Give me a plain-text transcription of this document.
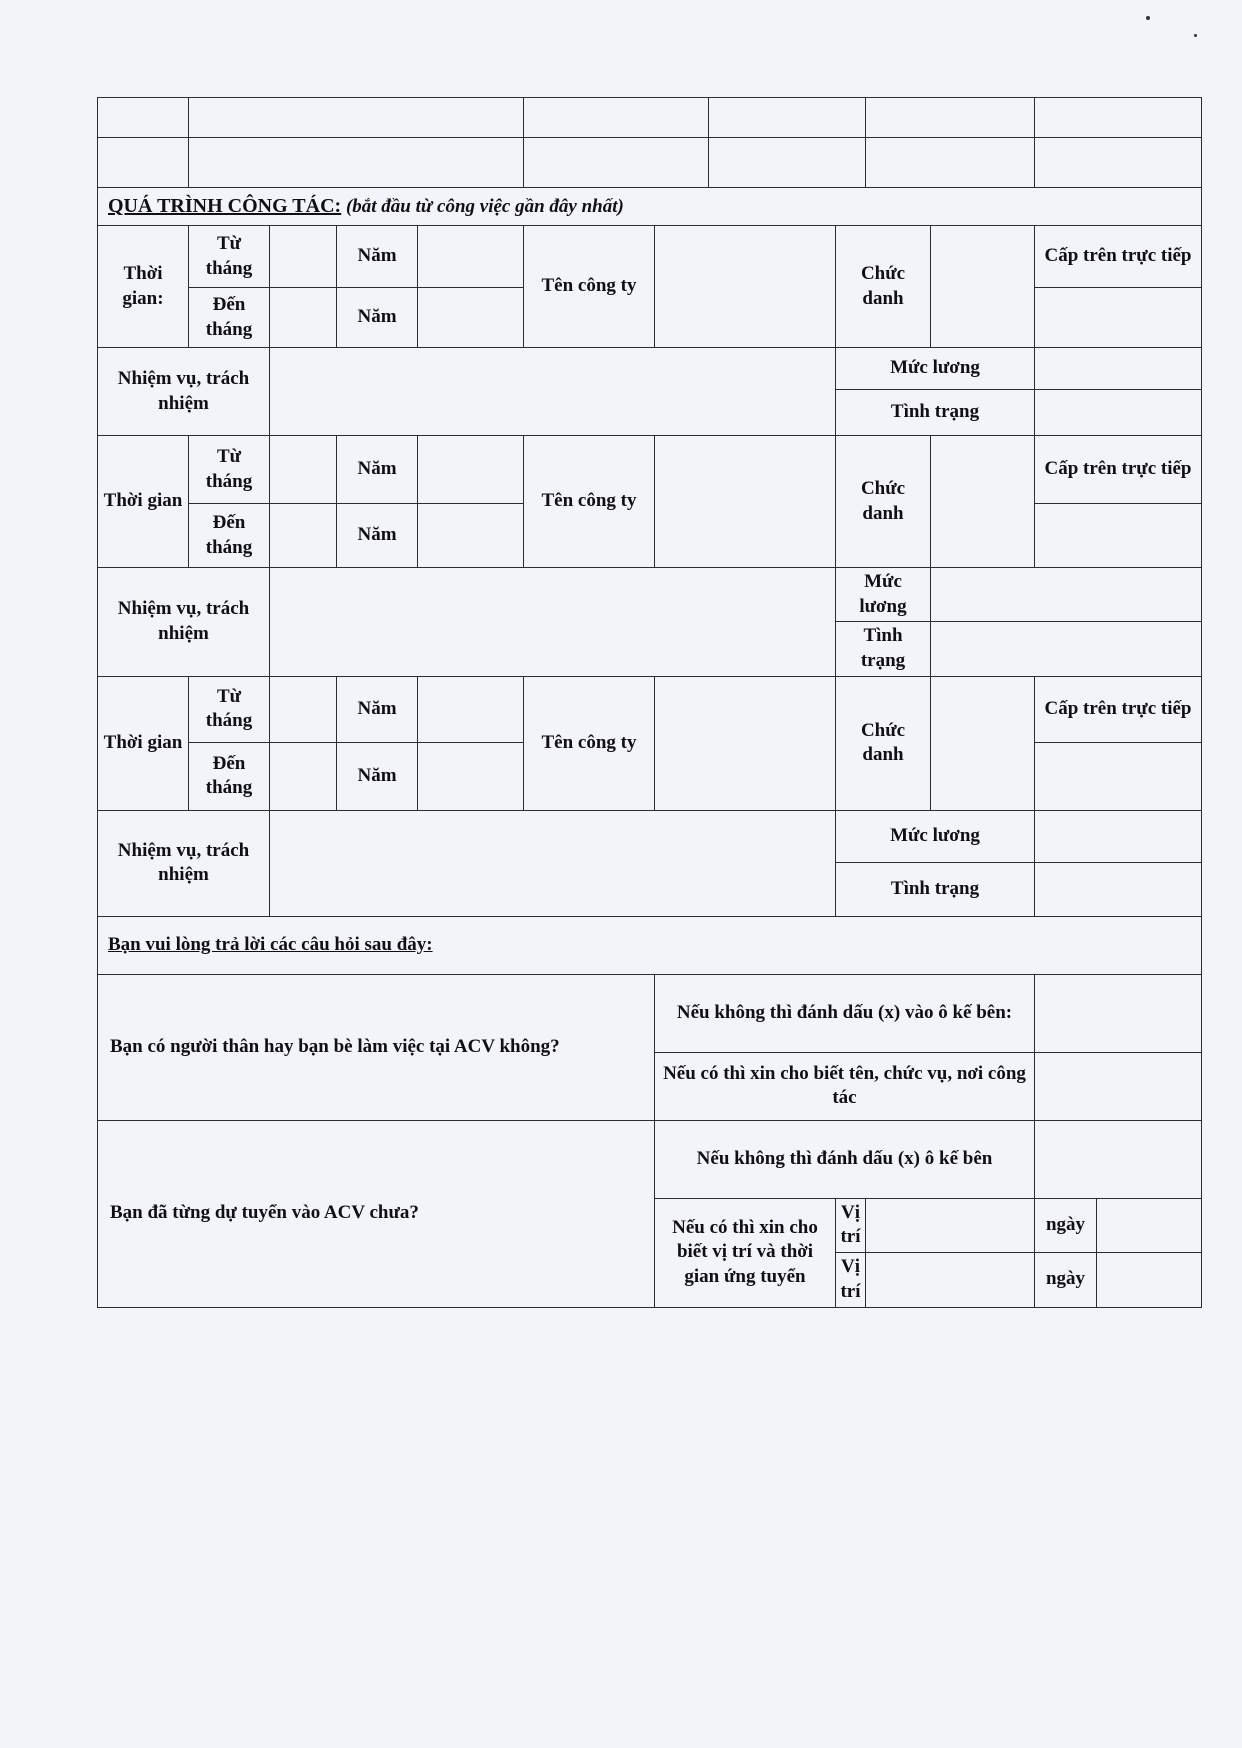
QUÁ TRÌNH CÔNG TÁC: (bắt đầu từ công việc gần đây nhất)												
Thời gian:	Từ tháng		Năm		Tên công ty			Chức danh			Cấp trên trực tiếp	
	Đến tháng		Năm									
Nhiệm vụ, trách nhiệm								Mức lương				
								Tình trạng				
Thời gian	Từ tháng		Năm		Tên công ty			Chức danh			Cấp trên trực tiếp	
	Đến tháng		Năm									
Nhiệm vụ, trách nhiệm								Mức lương				
								Tình trạng				
Thời gian	Từ tháng		Năm		Tên công ty			Chức danh			Cấp trên trực tiếp	
	Đến tháng		Năm									
Nhiệm vụ, trách nhiệm								Mức lương				
								Tình trạng				
Bạn vui lòng trả lời các câu hỏi sau đây:												
Bạn có người thân hay bạn bè làm việc tại ACV không?						Nếu không thì đánh dấu (x) vào ô kế bên:						
						Nếu có thì xin cho biết tên, chức vụ, nơi công tác						
Bạn đã từng dự tuyển vào ACV chưa?						Nếu không thì đánh dấu (x) ô kế bên						
						Nếu có thì xin cho biết vị trí và thời gian ứng tuyển		Vị trí			ngày	
								Vị trí			ngày	
